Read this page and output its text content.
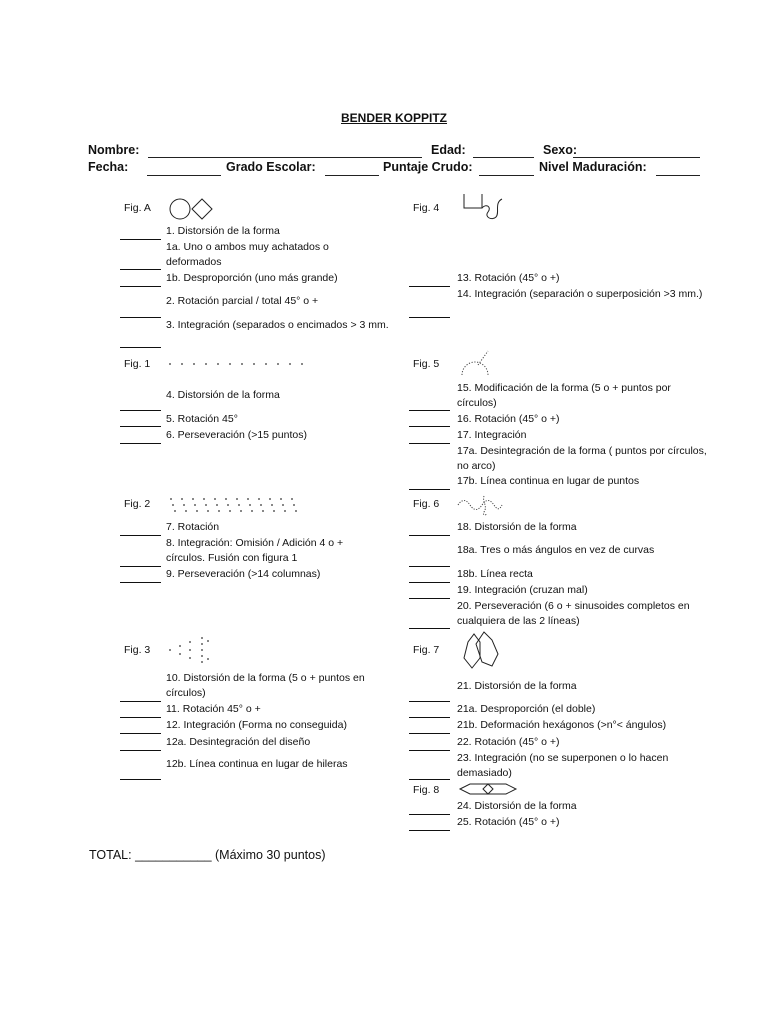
BENDER KOPPITZ
Nombre:	Edad:	Sexo:
Fecha:	Grado Escolar:	Puntaje Crudo:	Nivel Maduración:
Fig. A
1. Distorsión de la forma
1a. Uno o ambos muy achatados o deformados
1b. Desproporción (uno más grande)
2. Rotación parcial / total 45° o +
3. Integración (separados o encimados > 3 mm.
Fig. 1
4. Distorsión de la forma
5. Rotación 45°
6. Perseveración (>15 puntos)
Fig. 2
7. Rotación
8. Integración: Omisión / Adición 4 o + círculos. Fusión con figura 1
9. Perseveración (>14 columnas)
Fig. 3
10. Distorsión de la forma (5 o + puntos en círculos)
11. Rotación 45° o +
12. Integración (Forma no conseguida)
12a. Desintegración del diseño
12b. Línea continua en lugar de hileras
Fig. 4
13. Rotación (45° o +)
14. Integración (separación o superposición >3 mm.)
Fig. 5
15. Modificación de la forma (5 o + puntos por círculos)
16. Rotación (45° o +)
17. Integración
17a. Desintegración de la forma ( puntos por círculos, no arco)
17b. Línea continua en lugar de puntos
Fig. 6
18. Distorsión de la forma
18a. Tres o más ángulos en vez de curvas
18b. Línea recta
19. Integración (cruzan mal)
20. Perseveración (6 o + sinusoides completos en cualquiera de las 2 líneas)
Fig. 7
21. Distorsión de la forma
21a. Desproporción (el doble)
21b. Deformación hexágonos (>n°< ángulos)
22. Rotación (45° o +)
23. Integración (no se superponen o lo hacen demasiado)
Fig. 8
24. Distorsión de la forma
25. Rotación (45° o +)
TOTAL: ___________ (Máximo 30 puntos)
